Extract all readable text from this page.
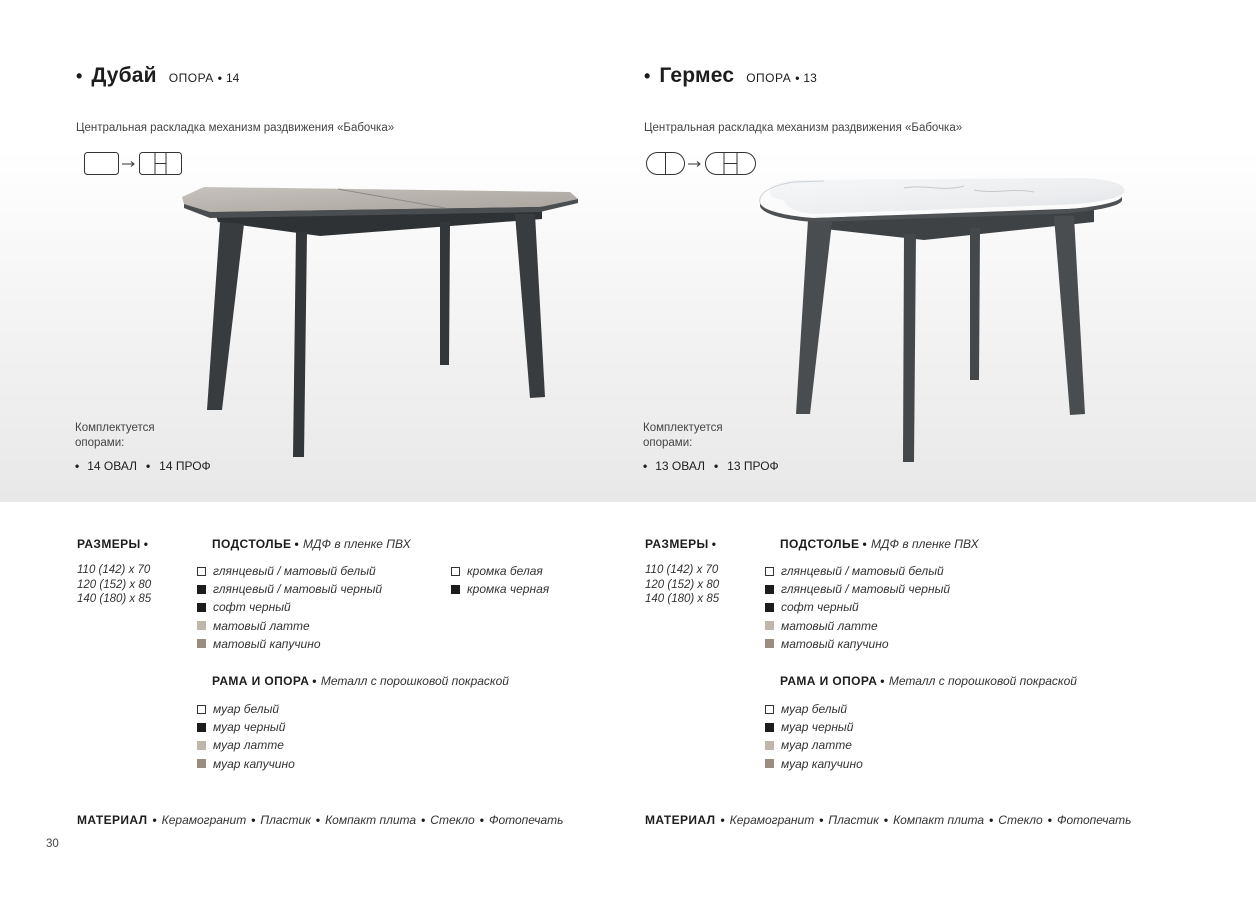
• Дубай ОПОРА • 14
Центральная раскладка механизм раздвижения «Бабочка»
Комплектуется опорами:
• 14 ОВАЛ • 14 ПРОФ
РАЗМЕРЫ •
110 (142) x 70
120 (152) x 80
140 (180) x 85
ПОДСТОЛЬЕ • МДФ в пленке ПВХ
глянцевый / матовый белый
глянцевый / матовый черный
софт черный
матовый латте
матовый капучино
кромка белая
кромка черная
РАМА И ОПОРА • Металл с порошковой покраской
муар белый
муар черный
муар латте
муар капучино
МАТЕРИАЛ • Керамогранит • Пластик • Компакт плита • Стекло • Фотопечать
30
• Гермес ОПОРА • 13
Центральная раскладка механизм раздвижения «Бабочка»
Комплектуется опорами:
• 13 ОВАЛ • 13 ПРОФ
РАЗМЕРЫ •
110 (142) x 70
120 (152) x 80
140 (180) x 85
ПОДСТОЛЬЕ • МДФ в пленке ПВХ
глянцевый / матовый белый
глянцевый / матовый черный
софт черный
матовый латте
матовый капучино
РАМА И ОПОРА • Металл с порошковой покраской
муар белый
муар черный
муар латте
муар капучино
МАТЕРИАЛ • Керамогранит • Пластик • Компакт плита • Стекло • Фотопечать
